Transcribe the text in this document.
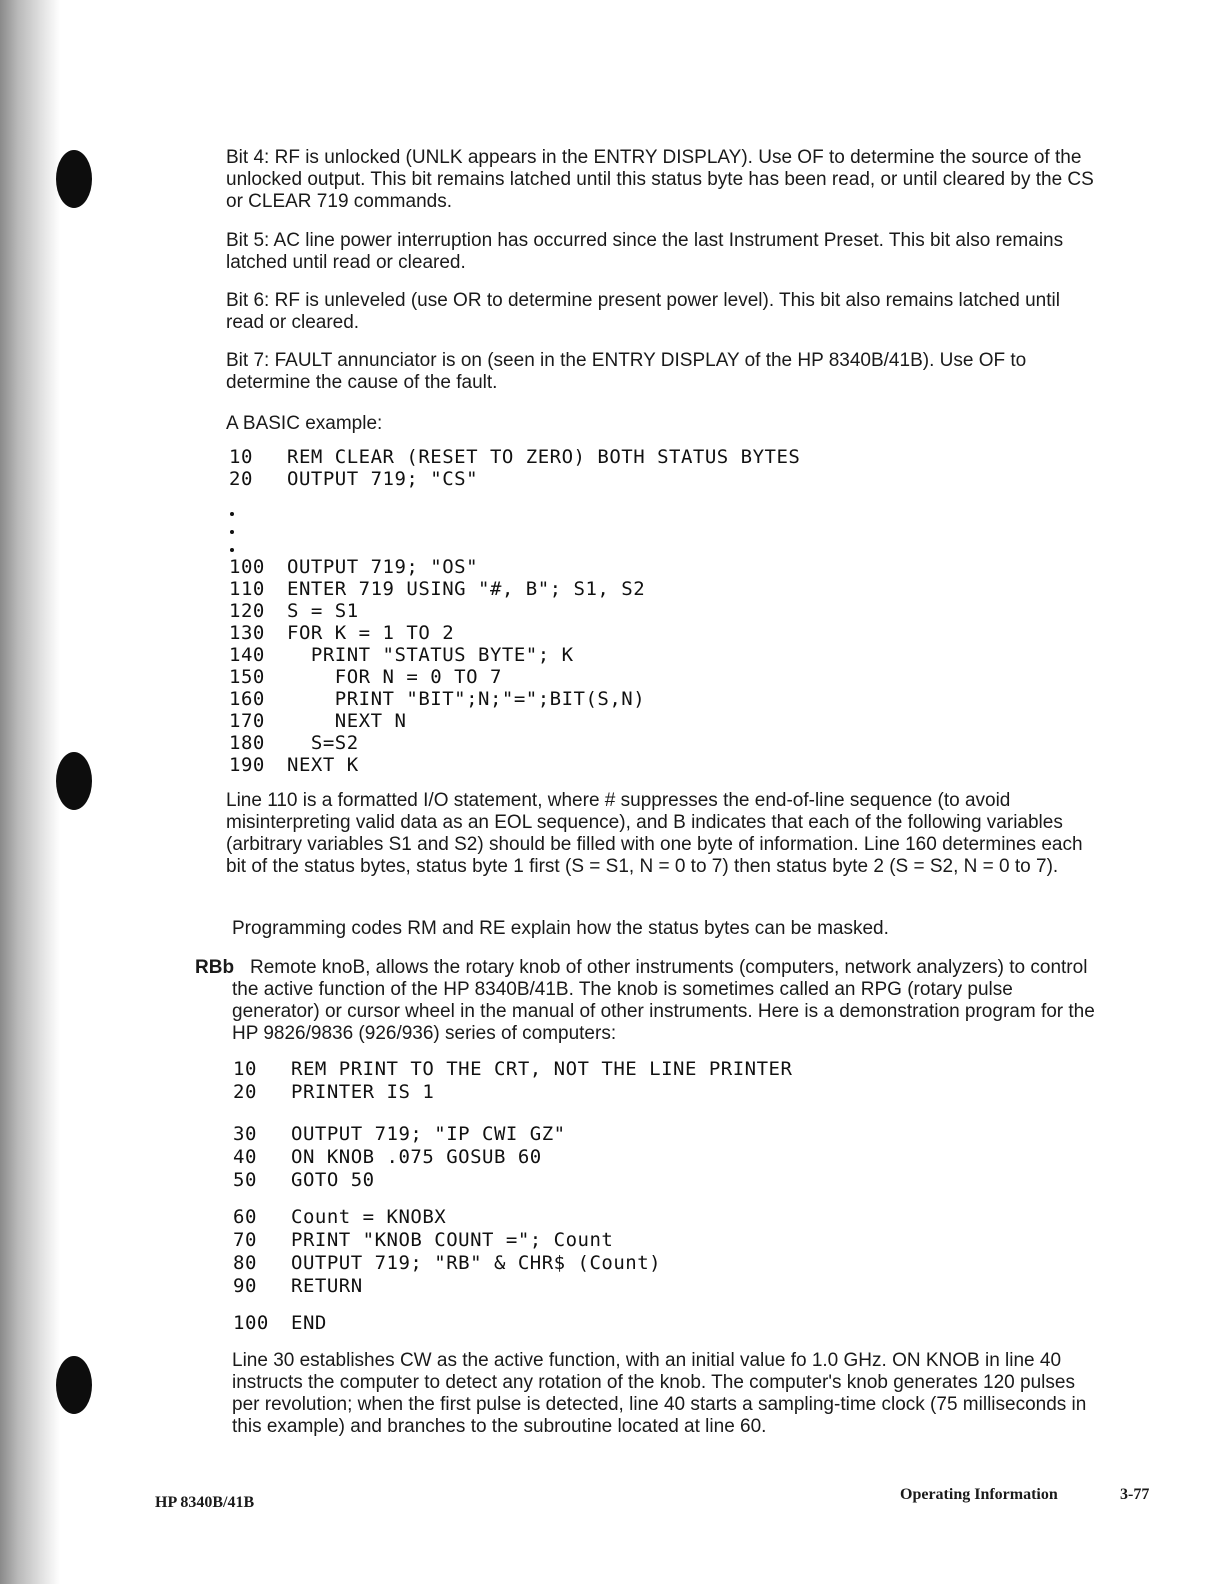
Bit 4: RF is unlocked (UNLK appears in the ENTRY DISPLAY). Use OF to determine the source of the unlocked output. This bit remains latched until this status byte has been read, or until cleared by the CS or CLEAR 719 commands.

Bit 5: AC line power interruption has occurred since the last Instrument Preset. This bit also remains latched until read or cleared.

Bit 6: RF is unleveled (use OR to determine present power level). This bit also remains latched until read or cleared.

Bit 7: FAULT annunciator is on (seen in the ENTRY DISPLAY of the HP 8340B/41B). Use OF to determine the cause of the fault.

A BASIC example:

10 REM CLEAR (RESET TO ZERO) BOTH STATUS BYTES
20 OUTPUT 719; "CS"
100 OUTPUT 719; "OS"
110 ENTER 719 USING "#, B"; S1, S2
120 S = S1
130 FOR K = 1 TO 2
140  PRINT "STATUS BYTE"; K
150    FOR N = 0 TO 7
160    PRINT "BIT";N;"=";BIT(S,N)
170    NEXT N
180  S=S2
190 NEXT K

Line 110 is a formatted I/O statement, where # suppresses the end-of-line sequence (to avoid misinterpreting valid data as an EOL sequence), and B indicates that each of the following variables (arbitrary variables S1 and S2) should be filled with one byte of information. Line 160 determines each bit of the status bytes, status byte 1 first (S = S1, N = 0 to 7) then status byte 2 (S = S2, N = 0 to 7).

Programming codes RM and RE explain how the status bytes can be masked.

RBb Remote knoB, allows the rotary knob of other instruments (computers, network analyzers) to control the active function of the HP 8340B/41B. The knob is sometimes called an RPG (rotary pulse generator) or cursor wheel in the manual of other instruments. Here is a demonstration program for the HP 9826/9836 (926/936) series of computers:

10 REM PRINT TO THE CRT, NOT THE LINE PRINTER
20 PRINTER IS 1
30 OUTPUT 719; "IP CWI GZ"
40 ON KNOB .075 GOSUB 60
50 GOTO 50
60 Count = KNOBX
70 PRINT "KNOB COUNT ="; Count
80 OUTPUT 719; "RB" & CHR$ (Count)
90 RETURN
100 END

Line 30 establishes CW as the active function, with an initial value fo 1.0 GHz. ON KNOB in line 40 instructs the computer to detect any rotation of the knob. The computer's knob generates 120 pulses per revolution; when the first pulse is detected, line 40 starts a sampling-time clock (75 milliseconds in this example) and branches to the subroutine located at line 60.

HP 8340B/41B	Operating Information	3-77
